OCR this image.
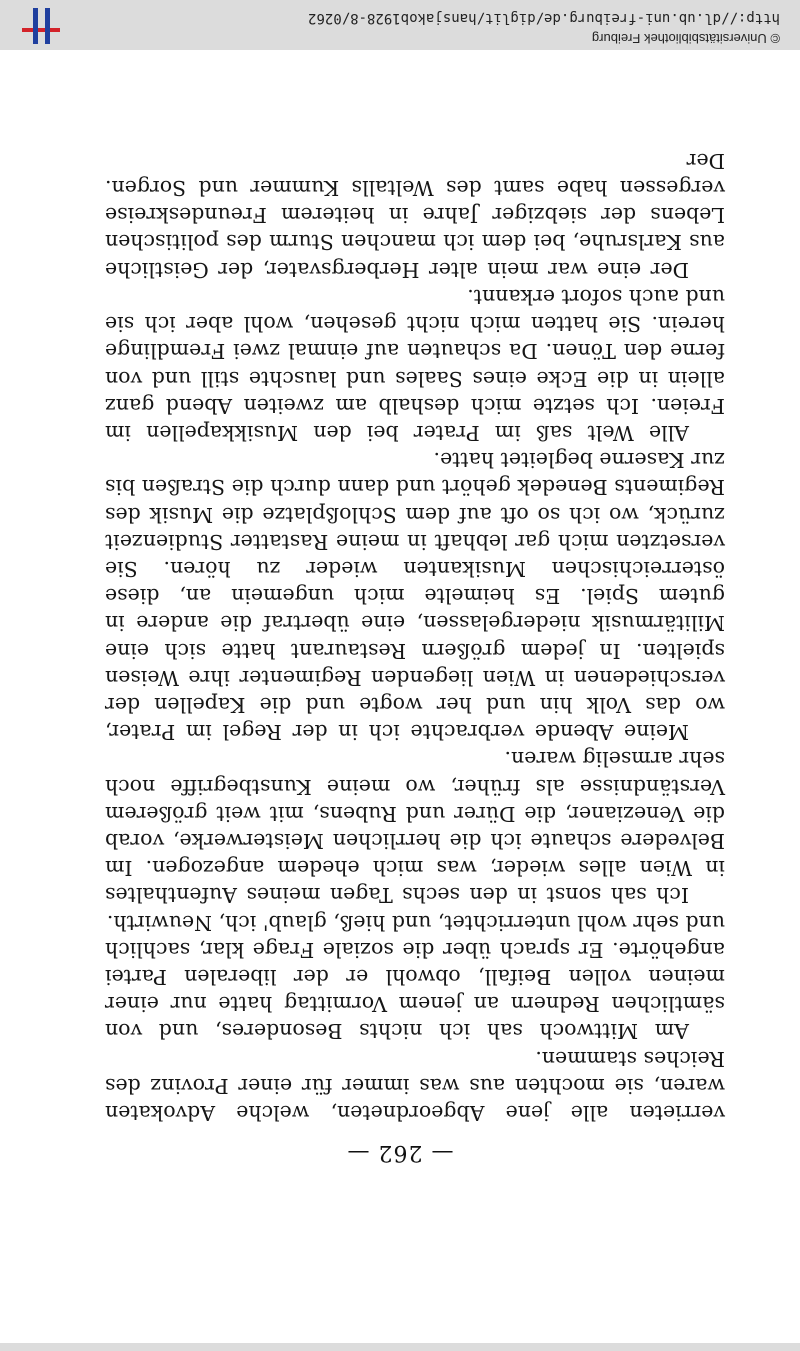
— 262 —

verrieten alle jene Abgeordneten, welche Advokaten waren, sie mochten aus was immer für einer Provinz des Reiches stammen.

Am Mittwoch sah ich nichts Besonderes, und von sämtlichen Rednern an jenem Vormittag hatte nur einer meinen vollen Beifall, obwohl er der liberalen Partei angehörte. Er sprach über die soziale Frage klar, sachlich und sehr wohl unterrichtet, und hieß, glaub' ich, Neuwirth.

Ich sah sonst in den sechs Tagen meines Aufenthaltes in Wien alles wieder, was mich ehedem angezogen. Im Belvedere schaute ich die herrlichen Meisterwerke, vorab die Venezianer, die Dürer und Rubens, mit weit größerem Verständnisse als früher, wo meine Kunstbegriffe noch sehr armselig waren.

Meine Abende verbrachte ich in der Regel im Prater, wo das Volk hin und her wogte und die Kapellen der verschiedenen in Wien liegenden Regimenter ihre Weisen spielten. In jedem größern Restaurant hatte sich eine Militärmusik niedergelassen, eine übertraf die andere in gutem Spiel. Es heimelte mich ungemein an, diese österreichischen Musikanten wieder zu hören. Sie versetzten mich gar lebhaft in meine Rastatter Studienzeit zurück, wo ich so oft auf dem Schloßplatze die Musik des Regiments Benedek gehört und dann durch die Straßen bis zur Kaserne begleitet hatte.

Alle Welt saß im Prater bei den Musikkapellen im Freien. Ich setzte mich deshalb am zweiten Abend ganz allein in die Ecke eines Saales und lauschte still und von ferne den Tönen. Da schauten auf einmal zwei Fremdlinge herein. Sie hatten mich nicht gesehen, wohl aber ich sie und auch sofort erkannt.

Der eine war mein alter Herbergsvater, der Geistliche aus Karlsruhe, bei dem ich manchen Sturm des politischen Lebens der siebziger Jahre in heiterem Freundeskreise vergessen habe samt des Weltalls Kummer und Sorgen. Der

http://dl.ub.uni-freiburg.de/diglit/hansjakob1928-8/0262
© Universitätsbibliothek Freiburg
